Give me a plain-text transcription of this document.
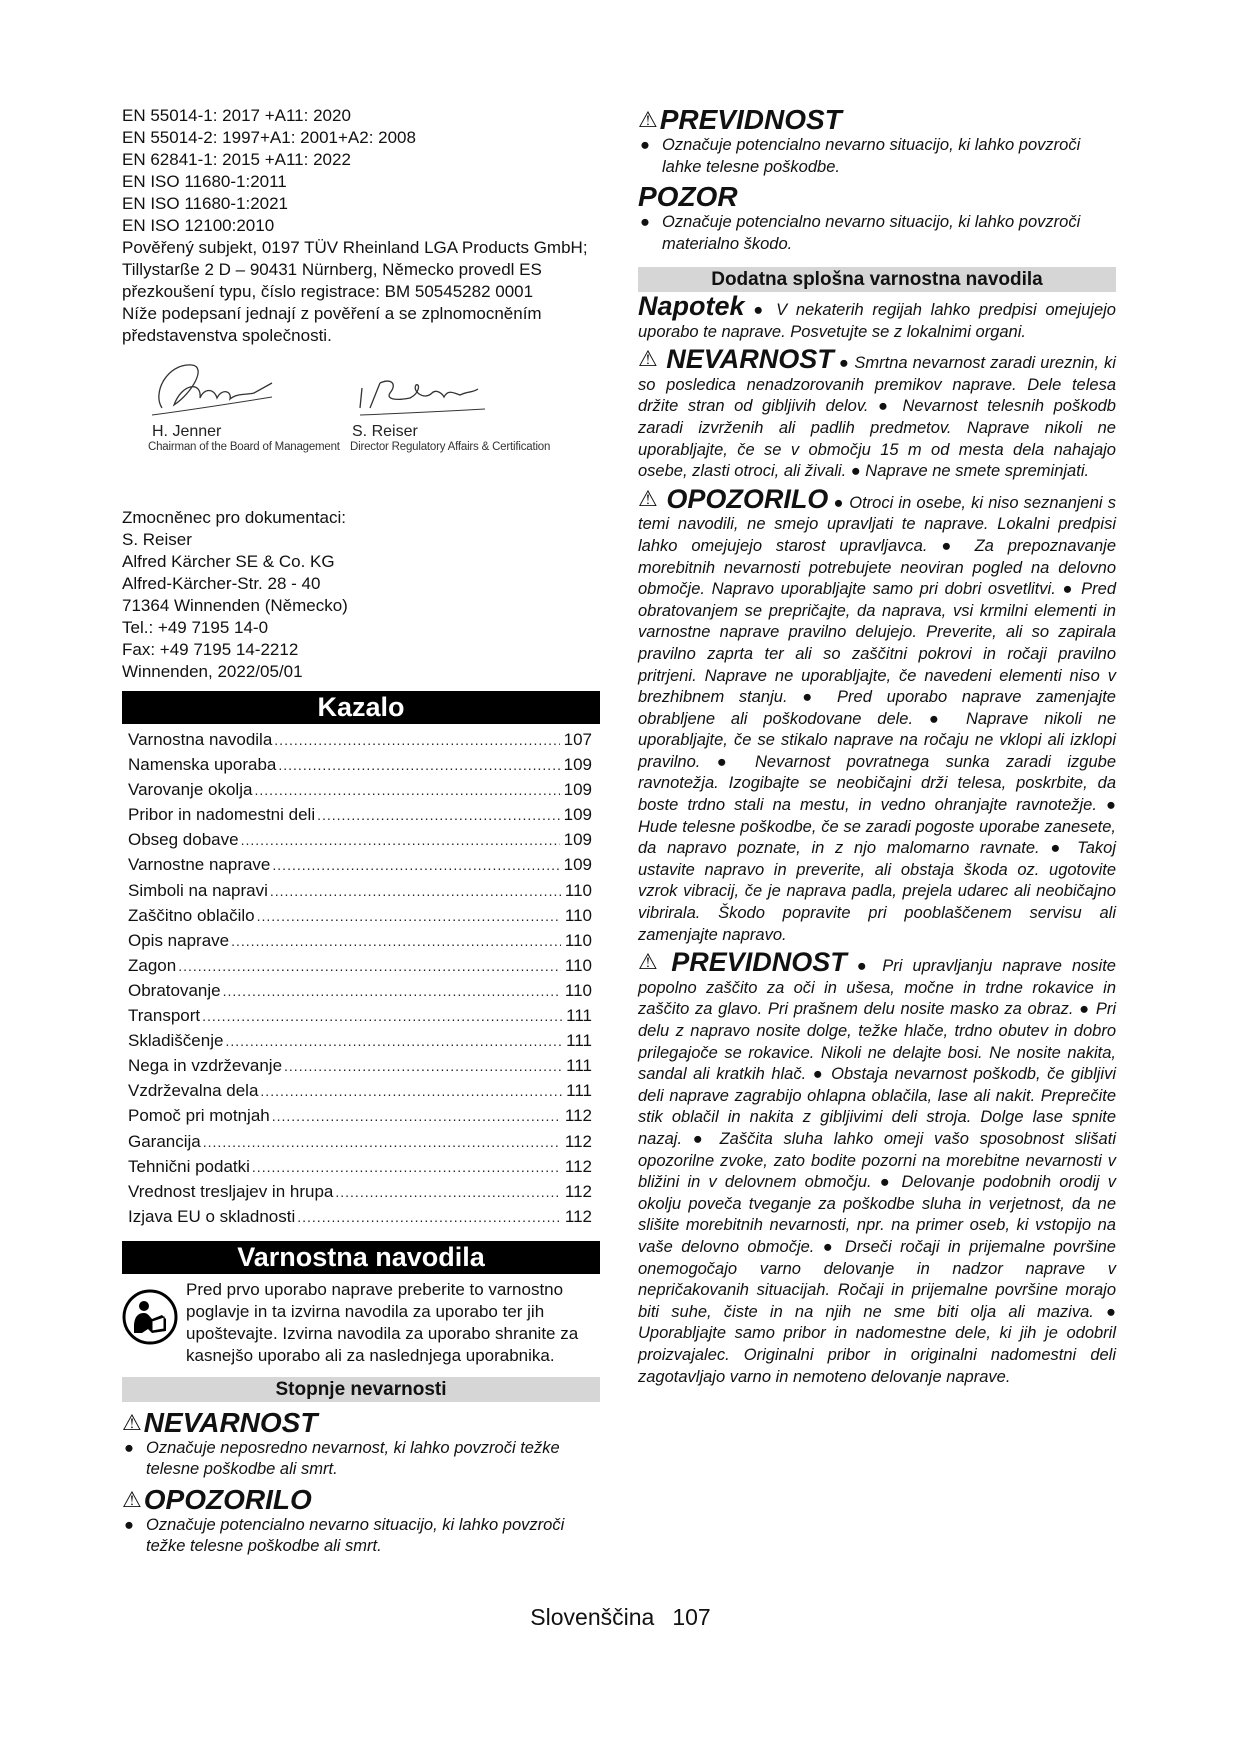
EN 55014-1: 2017 +A11: 2020
EN 55014-2: 1997+A1: 2001+A2: 2008
EN 62841-1: 2015 +A11: 2022
EN ISO 11680-1:2011
EN ISO 11680-1:2021
EN ISO 12100:2010
Pověřený subjekt, 0197 TÜV Rheinland LGA Products GmbH; Tillystarße 2 D – 90431 Nürnberg, Německo provedl ES přezkoušení typu, číslo registrace: BM 50545282 0001
Níže podepsaní jednají z pověření a se zplnomocněním představenstva společnosti.
H. Jenner
Chairman of the Board of Management
S. Reiser
Director Regulatory Affairs & Certification
Zmocněnec pro dokumentaci:
S. Reiser
Alfred Kärcher SE & Co. KG
Alfred-Kärcher-Str. 28 - 40
71364 Winnenden (Německo)
Tel.: +49 7195 14-0
Fax: +49 7195 14-2212
Winnenden, 2022/05/01
Kazalo
Varnostna navodila .....	107
Namenska uporaba .....	109
Varovanje okolja .....	109
Pribor in nadomestni deli .....	109
Obseg dobave .....	109
Varnostne naprave .....	109
Simboli na napravi .....	110
Zaščitno oblačilo .....	110
Opis naprave .....	110
Zagon .....	110
Obratovanje .....	110
Transport .....	111
Skladiščenje .....	111
Nega in vzdrževanje .....	111
Vzdrževalna dela .....	111
Pomoč pri motnjah .....	112
Garancija .....	112
Tehnični podatki .....	112
Vrednost tresljajev in hrupa .....	112
Izjava EU o skladnosti .....	112
Varnostna navodila
Pred prvo uporabo naprave preberite to varnostno poglavje in ta izvirna navodila za uporabo ter jih upoštevajte. Izvirna navodila za uporabo shranite za kasnejšo uporabo ali za naslednjega uporabnika.
Stopnje nevarnosti
⚠NEVARNOST
● Označuje neposredno nevarnost, ki lahko povzroči težke telesne poškodbe ali smrt.
⚠OPOZORILO
● Označuje potencialno nevarno situacijo, ki lahko povzroči težke telesne poškodbe ali smrt.
⚠PREVIDNOST
● Označuje potencialno nevarno situacijo, ki lahko povzroči lahke telesne poškodbe.
POZOR
● Označuje potencialno nevarno situacijo, ki lahko povzroči materialno škodo.
Dodatna splošna varnostna navodila
Napotek ● V nekaterih regijah lahko predpisi omejujejo uporabo te naprave. Posvetujte se z lokalnimi organi.
⚠ NEVARNOST ● Smrtna nevarnost zaradi ureznin, ki so posledica nenadzorovanih premikov naprave. Dele telesa držite stran od gibljivih delov. ● Nevarnost telesnih poškodb zaradi izvrženih ali padlih predmetov. Naprave nikoli ne uporabljajte, če se v območju 15 m od mesta dela nahajajo osebe, zlasti otroci, ali živali. ● Naprave ne smete spreminjati.
⚠ OPOZORILO ● Otroci in osebe, ki niso seznanjeni s temi navodili, ne smejo upravljati te naprave. Lokalni predpisi lahko omejujejo starost upravljavca. ● Za prepoznavanje morebitnih nevarnosti potrebujete neoviran pogled na delovno območje. Napravo uporabljajte samo pri dobri osvetlitvi. ● Pred obratovanjem se prepričajte, da naprava, vsi krmilni elementi in varnostne naprave pravilno delujejo. Preverite, ali so zapirala pravilno zaprta ter ali so zaščitni pokrovi in ročaji pravilno pritrjeni. Naprave ne uporabljajte, če navedeni elementi niso v brezhibnem stanju. ● Pred uporabo naprave zamenjajte obrabljene ali poškodovane dele. ● Naprave nikoli ne uporabljajte, če se stikalo naprave na ročaju ne vklopi ali izklopi pravilno. ● Nevarnost povratnega sunka zaradi izgube ravnotežja. Izogibajte se neobičajni drži telesa, poskrbite, da boste trdno stali na mestu, in vedno ohranjajte ravnotežje. ● Hude telesne poškodbe, če se zaradi pogoste uporabe zanesete, da napravo poznate, in z njo malomarno ravnate. ● Takoj ustavite napravo in preverite, ali obstaja škoda oz. ugotovite vzrok vibracij, če je naprava padla, prejela udarec ali neobičajno vibrirala. Škodo popravite pri pooblaščenem servisu ali zamenjajte napravo.
⚠ PREVIDNOST ● Pri upravljanju naprave nosite popolno zaščito za oči in ušesa, močne in trdne rokavice in zaščito za glavo. Pri prašnem delu nosite masko za obraz. ● Pri delu z napravo nosite dolge, težke hlače, trdno obutev in dobro prilegajoče se rokavice. Nikoli ne delajte bosi. Ne nosite nakita, sandal ali kratkih hlač. ● Obstaja nevarnost poškodb, če gibljivi deli naprave zagrabijo ohlapna oblačila, lase ali nakit. Preprečite stik oblačil in nakita z gibljivimi deli stroja. Dolge lase spnite nazaj. ● Zaščita sluha lahko omeji vašo sposobnost slišati opozorilne zvoke, zato bodite pozorni na morebitne nevarnosti v bližini in v delovnem območju. ● Delovanje podobnih orodij v okolju poveča tveganje za poškodbe sluha in verjetnost, da ne slišite morebitnih nevarnosti, npr. na primer oseb, ki vstopijo na vaše delovno območje. ● Drseči ročaji in prijemalne površine onemogočajo varno delovanje in nadzor naprave v nepričakovanih situacijah. Ročaji in prijemalne površine morajo biti suhe, čiste in na njih ne sme biti olja ali maziva. ● Uporabljajte samo pribor in nadomestne dele, ki jih je odobril proizvajalec. Originalni pribor in originalni nadomestni deli zagotavljajo varno in nemoteno delovanje naprave.
Slovenščina 107
